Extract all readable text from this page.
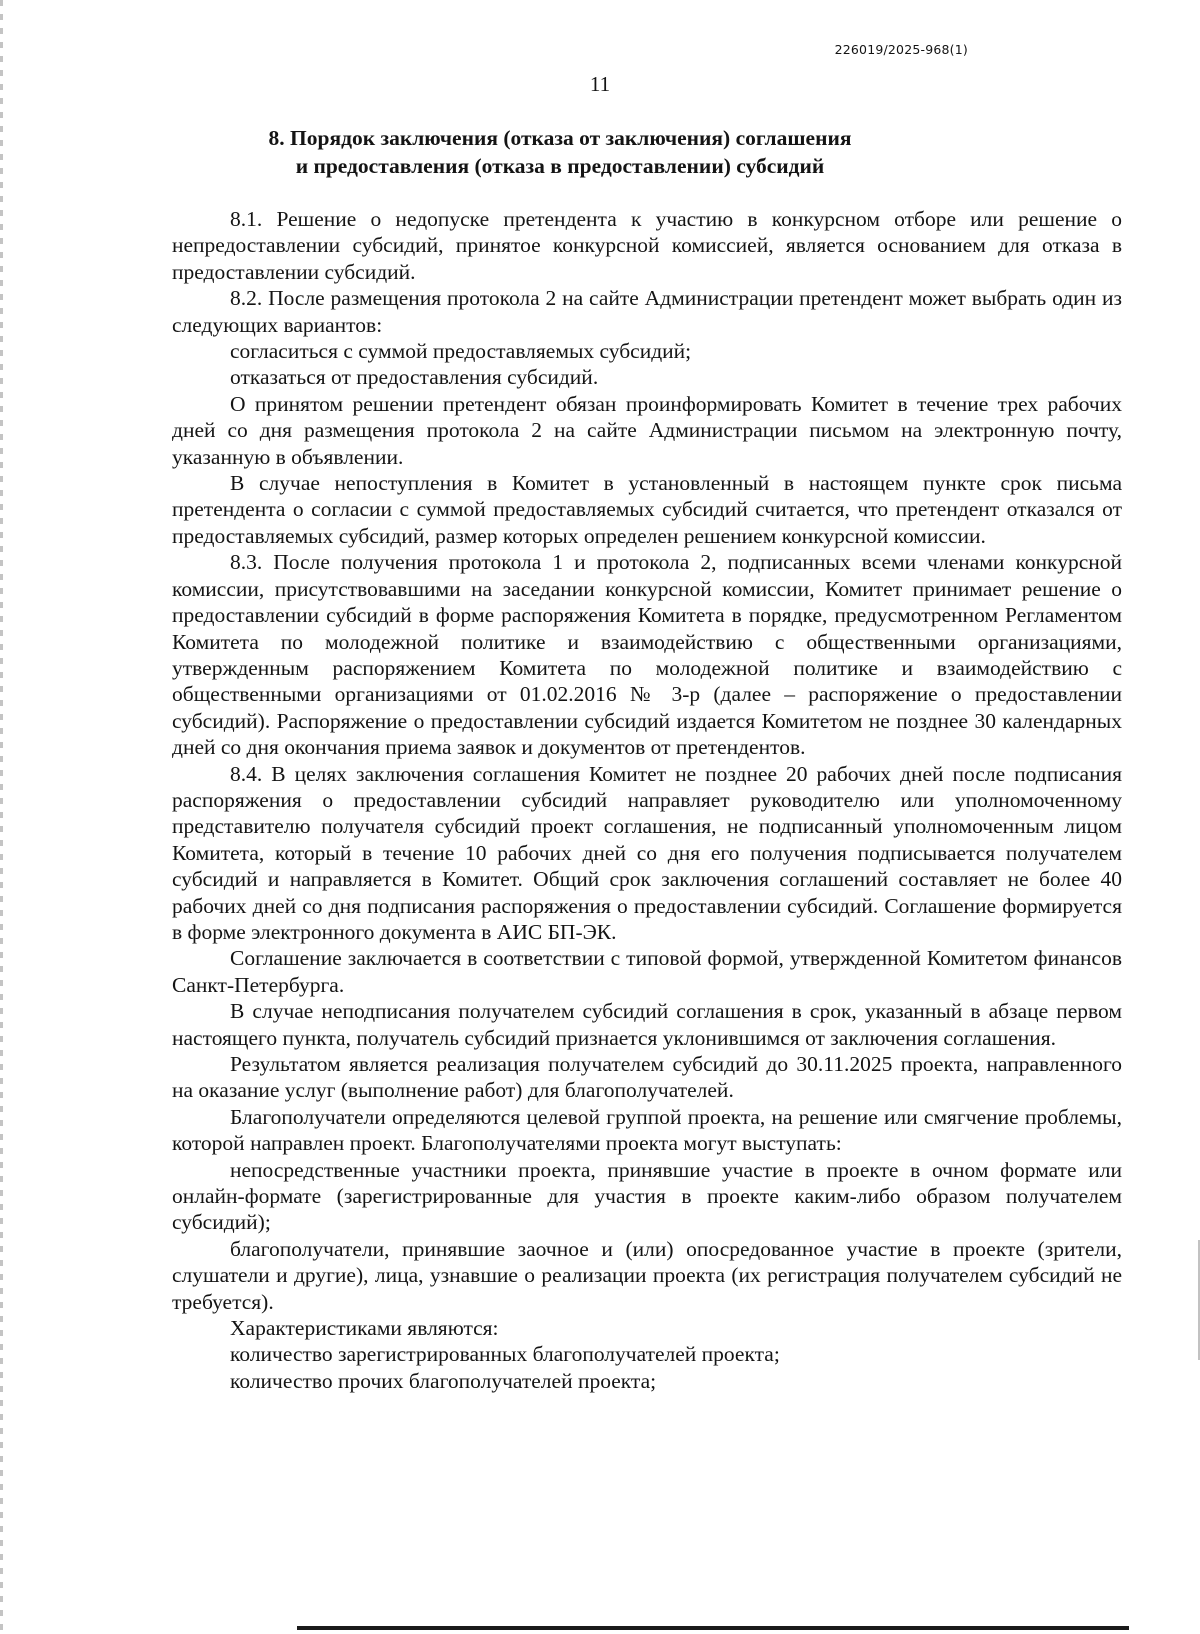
226019/2025-968(1)
11
8. Порядок заключения (отказа от заключения) соглашения
и предоставления (отказа в предоставлении) субсидий

8.1. Решение о недопуске претендента к участию в конкурсном отборе или решение о непредоставлении субсидий, принятое конкурсной комиссией, является основанием для отказа в предоставлении субсидий.

8.2. После размещения протокола 2 на сайте Администрации претендент может выбрать один из следующих вариантов:

согласиться с суммой предоставляемых субсидий;

отказаться от предоставления субсидий.

О принятом решении претендент обязан проинформировать Комитет в течение трех рабочих дней со дня размещения протокола 2 на сайте Администрации письмом на электронную почту, указанную в объявлении.

В случае непоступления в Комитет в установленный в настоящем пункте срок письма претендента о согласии с суммой предоставляемых субсидий считается, что претендент отказался от предоставляемых субсидий, размер которых определен решением конкурсной комиссии.

8.3. После получения протокола 1 и протокола 2, подписанных всеми членами конкурсной комиссии, присутствовавшими на заседании конкурсной комиссии, Комитет принимает решение о предоставлении субсидий в форме распоряжения Комитета в порядке, предусмотренном Регламентом Комитета по молодежной политике и взаимодействию с общественными организациями, утвержденным распоряжением Комитета по молодежной политике и взаимодействию с общественными организациями от 01.02.2016 № 3-р (далее – распоряжение о предоставлении субсидий). Распоряжение о предоставлении субсидий издается Комитетом не позднее 30 календарных дней со дня окончания приема заявок и документов от претендентов.

8.4. В целях заключения соглашения Комитет не позднее 20 рабочих дней после подписания распоряжения о предоставлении субсидий направляет руководителю или уполномоченному представителю получателя субсидий проект соглашения, не подписанный уполномоченным лицом Комитета, который в течение 10 рабочих дней со дня его получения подписывается получателем субсидий и направляется в Комитет. Общий срок заключения соглашений составляет не более 40 рабочих дней со дня подписания распоряжения о предоставлении субсидий. Соглашение формируется в форме электронного документа в АИС БП-ЭК.

Соглашение заключается в соответствии с типовой формой, утвержденной Комитетом финансов Санкт-Петербурга.

В случае неподписания получателем субсидий соглашения в срок, указанный в абзаце первом настоящего пункта, получатель субсидий признается уклонившимся от заключения соглашения.

Результатом является реализация получателем субсидий до 30.11.2025 проекта, направленного на оказание услуг (выполнение работ) для благополучателей.

Благополучатели определяются целевой группой проекта, на решение или смягчение проблемы, которой направлен проект. Благополучателями проекта могут выступать:

непосредственные участники проекта, принявшие участие в проекте в очном формате или онлайн-формате (зарегистрированные для участия в проекте каким-либо образом получателем субсидий);

благополучатели, принявшие заочное и (или) опосредованное участие в проекте (зрители, слушатели и другие), лица, узнавшие о реализации проекта (их регистрация получателем субсидий не требуется).

Характеристиками являются:

количество зарегистрированных благополучателей проекта;

количество прочих благополучателей проекта;
